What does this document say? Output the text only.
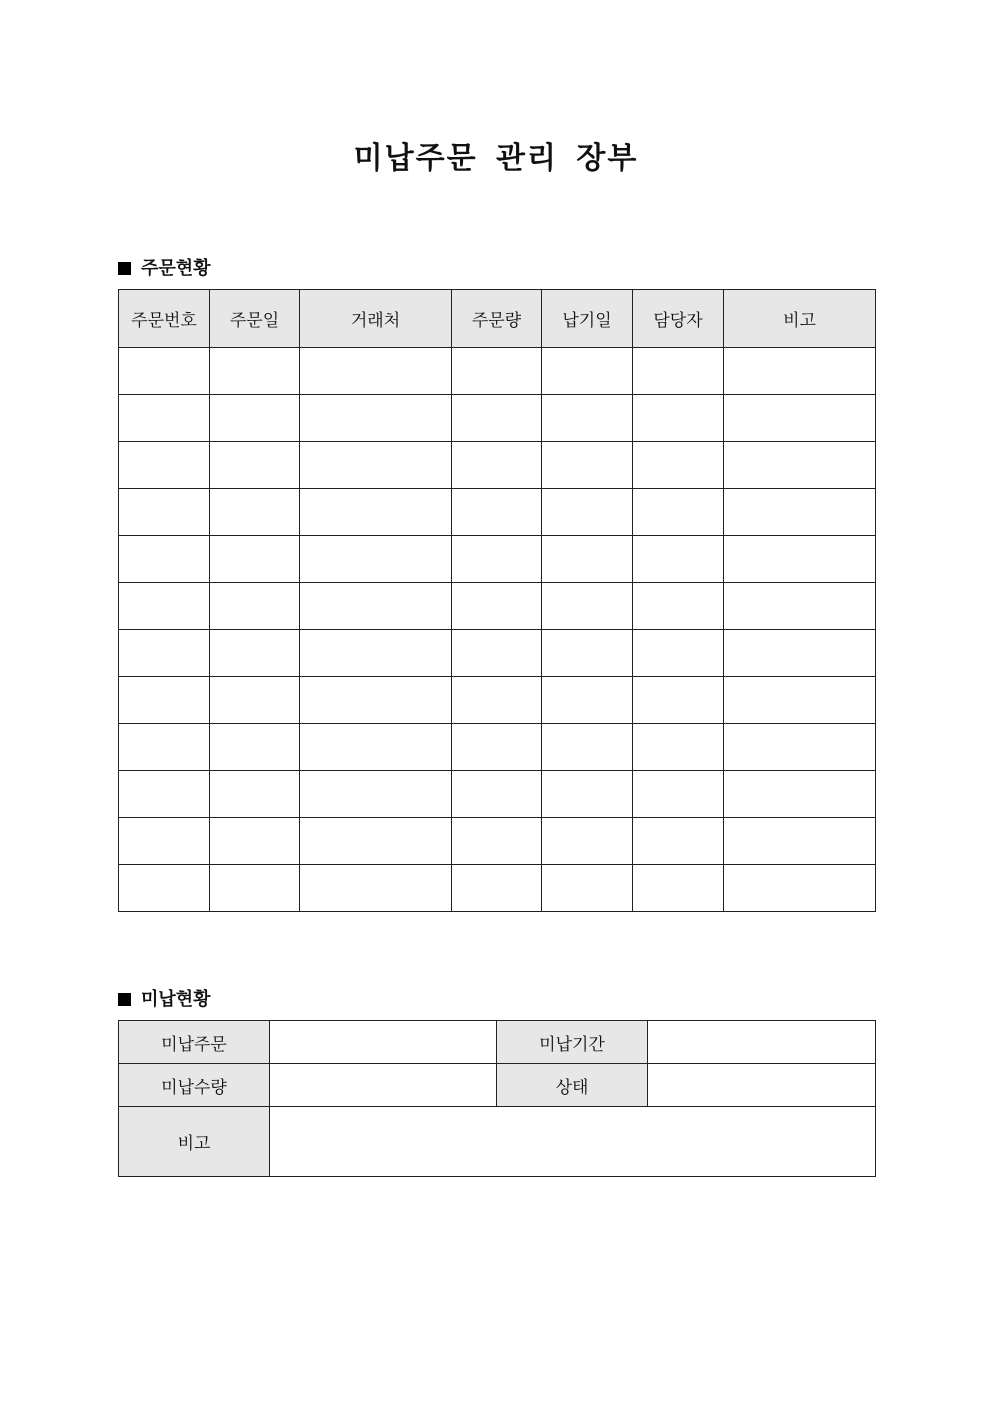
미납주문 관리 장부
주문현황
주문번호	주문일	거래처	주문량	납기일	담당자	비고

미납현황
미납주문		미납기간	
미납수량		상태	
비고			
